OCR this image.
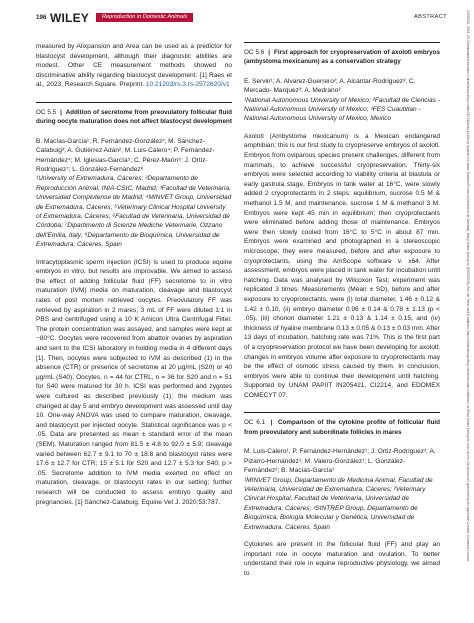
196 WILEY	Reproduction in Domestic Animals	ABSTRACT	14390531, 2023, S3, Downloaded from https://onlinelibrary.wiley.com/doi/10.1111/rda.14426 by Spanish Cochrane National Provision (Ministerio de Sanidad), Wiley Online Library on [20/09/2023]. See the Terms and Conditions (https://onlinelibrary.wiley.com/terms-and-conditions) on Wiley Online Library for rules of use; OA articles are governed by the applicable Creative Commons License

measured by Alixpansion and Area can be used as a predictor for blastocyst development, although their diagnostic abilities are modest. Other CE measurement methods showed no discriminative ability regarding blastocyst development. [1] Raes et al., 2023, Research Square. Preprint. 10.21203/rs.3.rs-2572620/v1

OC 5.5  |  Addition of secretome from preovulatory follicular fluid during oocyte maturation does not affect blastocyst development

B. Macías-García¹; R. Fernández-González²; M. Sánchez-Calabuig³; A. Gutiérrez Adán²; M. Luis-Calero⁴; P. Fernández-Hernández⁴; M. Iglesias-García⁵; C. Pérez-Marín⁶; J. Ortiz-Rodríguez⁷; L. González-Fernández⁸

¹University of Extremadura, Cáceres; ²Departamento de Reproducción Animal, INIA-CSIC, Madrid; ³Facultad de Veterinaria, Universidad Complutense de Madrid; ⁴MINVET Group, Universidad de Extremadura, Cáceres; ⁵Veterinary Clinical Hospital University of Extremadura, Cáceres; ⁶Facultad de Veterinaria, Universidad de Córdoba; ⁷Dipartimento di Scienze Mediche Veterinarie, Ozzano dell'Emilia, Italy; ⁸Departamento de Bioquímica, Universidad de Extremadura, Cáceres, Spain

Intracytoplasmic sperm injection (ICSI) is used to produce equine embryos in vitro, but results are improvable. We aimed to assess the effect of adding follicular fluid (FF) secretome to in vitro maturation (IVM) media on maturation, cleavage and blastocyst rates of post mortem retrieved oocytes. Preovulatory FF was retrieved by aspiration in 2 mares; 3 mL of FF were diluted 1:1 in PBS and centrifuged using a 10 K Amicon Ultra Centrifugal Filter. The protein concentration was assayed, and samples were kept at −80°C. Oocytes were recovered from abattoir ovaries by aspiration and sent to the ICSI laboratory in holding media in 4 different days [1]. Then, oocytes were subjected to IVM as described (1) in the absence (CTR) or presence of secretome at 20 µg/mL (S20) or 40 µg/mL (S40). Oocytes, n = 44 for CTRL, n = 36 for S20 and n = 51 for S40 were matured for 30 h. ICSI was performed and zygotes were cultured as described previously (1); the medium was changed at day 5 and embryo development was assessed until day 10. One-way ANOVA was used to compare maturation, cleavage, and blastocyst per injected oocyte. Statistical significance was p < .05. Data are presented as mean ± standard error of the mean (SEM). Maturation ranged from 81.5 ± 4.8 to 92.0 ± 5.9; cleavage varied between 62.7 ± 9.1 to 70 ± 18.8 and blastocyst rates were 17.6 ± 12.7 for CTR; 15 ± 5.1 for S20 and 12.7 ± 5.3 for S40; p > .05. Secretome addition to IVM media exerted no effect on maturation, cleavage, or blastocyst rates in our setting; further research will be conducted to assess embryo quality and pregnancies. [1] Sánchez-Calabuig. Equine Vet J. 2020;53:787.

OC 5.6  |  First approach for cryopreservation of axolotl embryos (ambystoma mexicanum) as a conservation strategy

E. Servin¹; A. Alvarez-Guerrero²; A. Alcantar-Rodriguez³; C. Mercado- Marquez³; A. Medrano³

¹National Autonomous University of Mexico; ²Facultad de Ciencias - National Autonomous University of Mexico; ³FES Cuautitlan - National Autonomous University of Mexico, Mexico

Axolotl (Ambystoma mexicanum) is a Mexican endangered amphibian; this is our first study to cryopreserve embryos of axolotl. Embryos from oviparous species present challenges, different from mammals, to achieve successful cryopreservation. Thirty-six embryos were selected according to viability criteria at blastula or early gastrula stage. Embryos in tank water at 16°C, were slowly added 2 cryoprotectants in 2 steps: equilibrium, sucrose 0.5 M & methanol 1.5 M, and maintenance, sucrose 1 M & methanol 3 M. Embryos were kept 45 min in equilibrium; then cryoprotectants were eliminated before adding those of maintenance. Embryos were then slowly cooled from 16°C to 5°C in about 87 min. Embryos were examined and photographed in a stereoscopic microscope; they were measured, before and after exposure to cryoprotectants, using the AmScope software v. x64. After assessment, embryos were placed in tank water for incubation until hatching. Data was analysed by Wilcoxon Test; experiment was replicated 3 times. Measurements (Mean ± SD), before and after exposure to cryoprotectants, were (i) total diameter, 1.46 ± 0.12 & 1.42 ± 0.10, (ii) embryo diameter 0.96 ± 0.14 & 0.78 ± 1.13 (p < .05), (iii) chorion diameter 1.21 ± 0.13 & 1.14 ± 0.15, and (iv) thickness of hyaline membrane 0.13 ± 0.05 & 0.13 ± 0.03 mm. After 13 days of incubation, hatching rate was 71%. This is the first part of a cryopreservation protocol we have been developing for axolotl; changes in embryos volume after exposure to cryoprotectants may be the effect of osmotic stress caused by them. In conclusion, embryos were able to continue their development until hatching. Supported by UNAM PAPIIT IN205421, CI2214, and EDOMEX COMECYT 07.

OC 6.1  |  Comparison of the cytokine profile of follicular fluid from preovulatory and subordinate follicles in mares

M. Luis-Calero¹; P. Fernández-Hernández¹; J. Ortiz-Rodríguez²; A. Pizarro-Hernández¹; M. Valero-González¹; L. González-Fernández³; B. Macías-García¹

¹MINVET Group, Departamento de Medicina Animal, Facultad de Veterinaria, Universidad de Extremadura, Cáceres; ²Veterinary Clinical Hospital, Facultad de Veterinaria, Universidad de Extremadura, Cáceres; ³SINTREP Group, Departamento de Bioquímica, Biología Molecular y Genética, Universidad de Extremadura, Cáceres, Spain

Cytokines are present in the follicular fluid (FF) and play an important role in oocyte maturation and ovulation. To better understand their role in equine reproductive physiology, we aimed to
